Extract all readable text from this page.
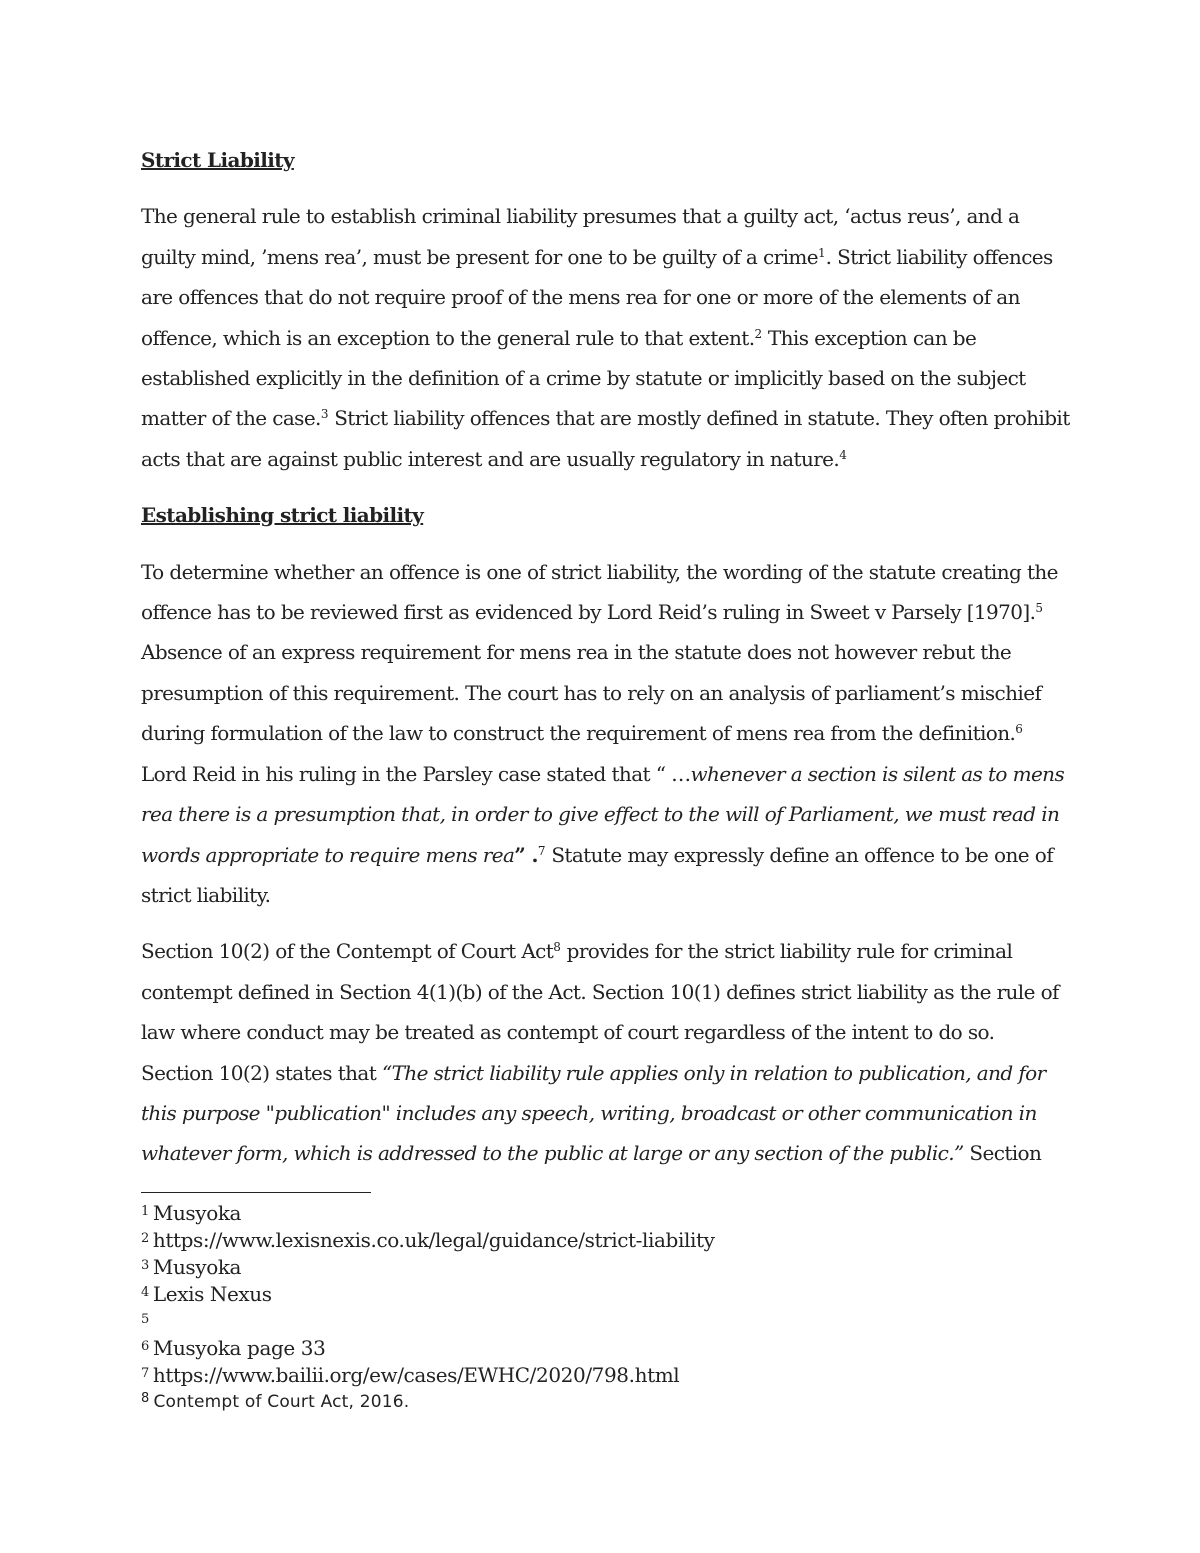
Strict Liability

The general rule to establish criminal liability presumes that a guilty act, ‘actus reus’, and a guilty mind, ’mens rea’, must be present for one to be guilty of a crime$^1$. Strict liability offences are offences that do not require proof of the mens rea for one or more of the elements of an offence, which is an exception to the general rule to that extent.$^2$ This exception can be established explicitly in the definition of a crime by statute or implicitly based on the subject matter of the case.$^3$ Strict liability offences that are mostly defined in statute. They often prohibit acts that are against public interest and are usually regulatory in nature.$^4$

Establishing strict liability

To determine whether an offence is one of strict liability, the wording of the statute creating the offence has to be reviewed first as evidenced by Lord Reid’s ruling in Sweet v Parsely [1970].$^5$ Absence of an express requirement for mens rea in the statute does not however rebut the presumption of this requirement. The court has to rely on an analysis of parliament’s mischief during formulation of the law to construct the requirement of mens rea from the definition.$^6$ Lord Reid in his ruling in the Parsley case stated that “ …whenever a section is silent as to mens rea there is a presumption that, in order to give effect to the will of Parliament, we must read in words appropriate to require mens rea” .$^7$ Statute may expressly define an offence to be one of strict liability.

Section 10(2) of the Contempt of Court Act$^8$ provides for the strict liability rule for criminal contempt defined in Section 4(1)(b) of the Act. Section 10(1) defines strict liability as the rule of law where conduct may be treated as contempt of court regardless of the intent to do so. Section 10(2) states that “The strict liability rule applies only in relation to publication, and for this purpose "publication" includes any speech, writing, broadcast or other communication in whatever form, which is addressed to the public at large or any section of the public.” Section

$^1$ Musyoka

$^2$ https://www.lexisnexis.co.uk/legal/guidance/strict-liability

$^3$ Musyoka

$^4$ Lexis Nexus

$^5$

$^6$ Musyoka page 33

$^7$ https://www.bailii.org/ew/cases/EWHC/2020/798.html

$^8$ Contempt of Court Act, 2016.
